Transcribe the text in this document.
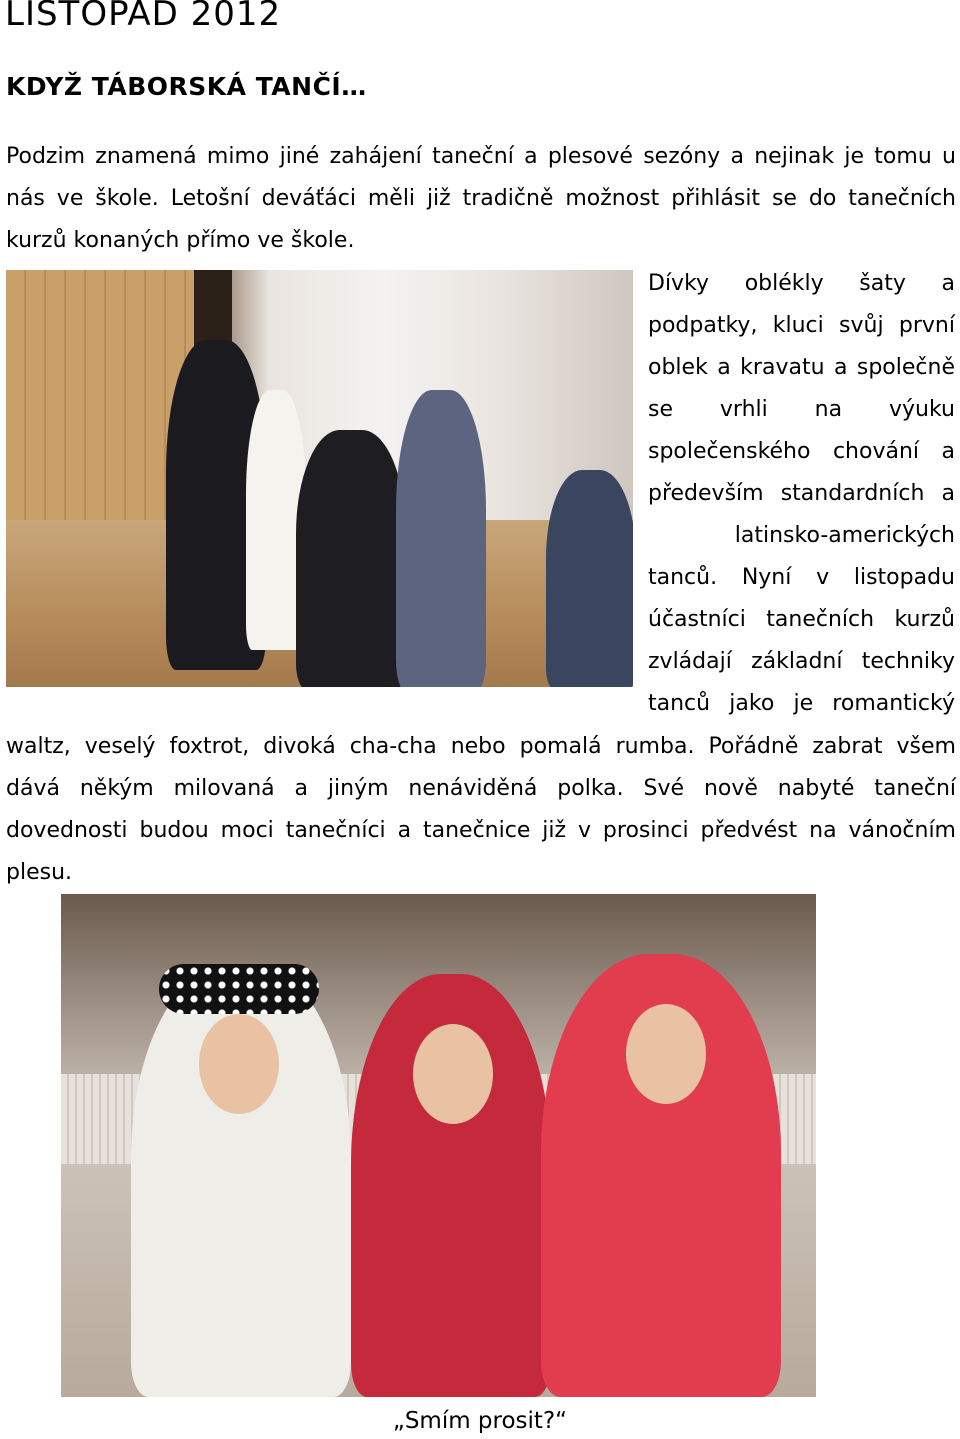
LISTOPAD 2012
KDYŽ TÁBORSKÁ TANČÍ…
Podzim znamená mimo jiné zahájení taneční a plesové sezóny a nejinak je tomu u
nás ve škole. Letošní deváťáci měli již tradičně možnost přihlásit se do tanečních
kurzů konaných přímo ve škole.
Dívky oblékly šaty a
podpatky, kluci svůj první
oblek a kravatu a společně
se vrhli na výuku
společenského chování a
především standardních a
latinsko-amerických
tanců. Nyní v listopadu
účastníci tanečních kurzů
zvládají základní techniky
tanců jako je romantický
waltz, veselý foxtrot, divoká cha-cha nebo pomalá rumba. Pořádně zabrat všem
dává někým milovaná a jiným nenáviděná polka. Své nově nabyté taneční
dovednosti budou moci tanečníci a tanečnice již v prosinci předvést na vánočním
plesu.
„Smím prosit?“
